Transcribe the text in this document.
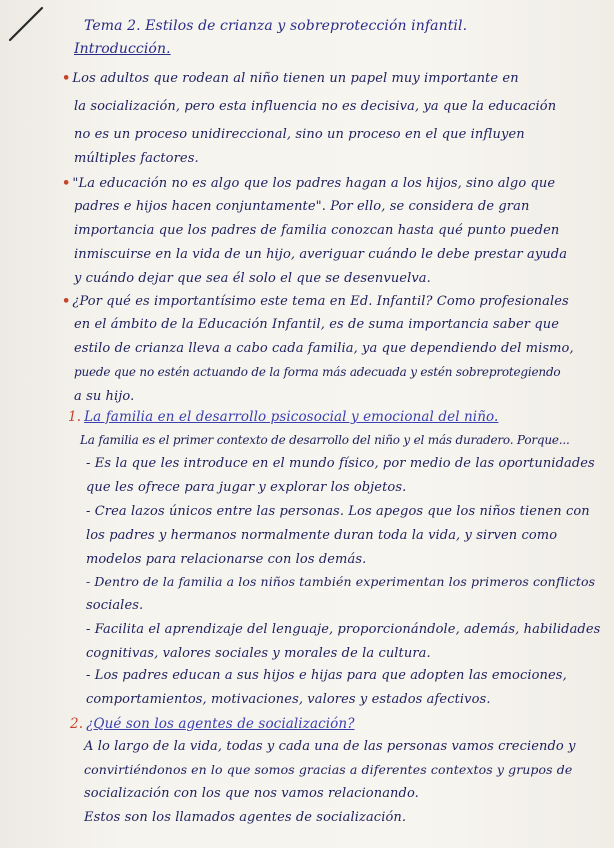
Tema 2. Estilos de crianza y sobreprotección infantil.
Introducción.
• Los adultos que rodean al niño tienen un papel muy importante en
la socialización, pero esta influencia no es decisiva, ya que la educación
no es un proceso unidireccional, sino un proceso en el que influyen
múltiples factores.
• "La educación no es algo que los padres hagan a los hijos, sino algo que
padres e hijos hacen conjuntamente". Por ello, se considera de gran
importancia que los padres de familia conozcan hasta qué punto pueden
inmiscuirse en la vida de un hijo, averiguar cuándo le debe prestar ayuda
y cuándo dejar que sea él solo el que se desenvuelva.
• ¿Por qué es importantísimo este tema en Ed. Infantil? Como profesionales
en el ámbito de la Educación Infantil, es de suma importancia saber que
estilo de crianza lleva a cabo cada familia, ya que dependiendo del mismo,
puede que no estén actuando de la forma más adecuada y estén sobreprotegiendo
a su hijo.
1. La familia en el desarrollo psicosocial y emocional del niño.
La familia es el primer contexto de desarrollo del niño y el más duradero. Porque...
- Es la que les introduce en el mundo físico, por medio de las oportunidades
que les ofrece para jugar y explorar los objetos.
- Crea lazos únicos entre las personas. Los apegos que los niños tienen con
los padres y hermanos normalmente duran toda la vida, y sirven como
modelos para relacionarse con los demás.
- Dentro de la familia a los niños también experimentan los primeros conflictos
sociales.
- Facilita el aprendizaje del lenguaje, proporcionándole, además, habilidades
cognitivas, valores sociales y morales de la cultura.
- Los padres educan a sus hijos e hijas para que adopten las emociones,
comportamientos, motivaciones, valores y estados afectivos.
2. ¿Qué son los agentes de socialización?
A lo largo de la vida, todas y cada una de las personas vamos creciendo y
convirtiéndonos en lo que somos gracias a diferentes contextos y grupos de
socialización con los que nos vamos relacionando.
Estos son los llamados agentes de socialización.
